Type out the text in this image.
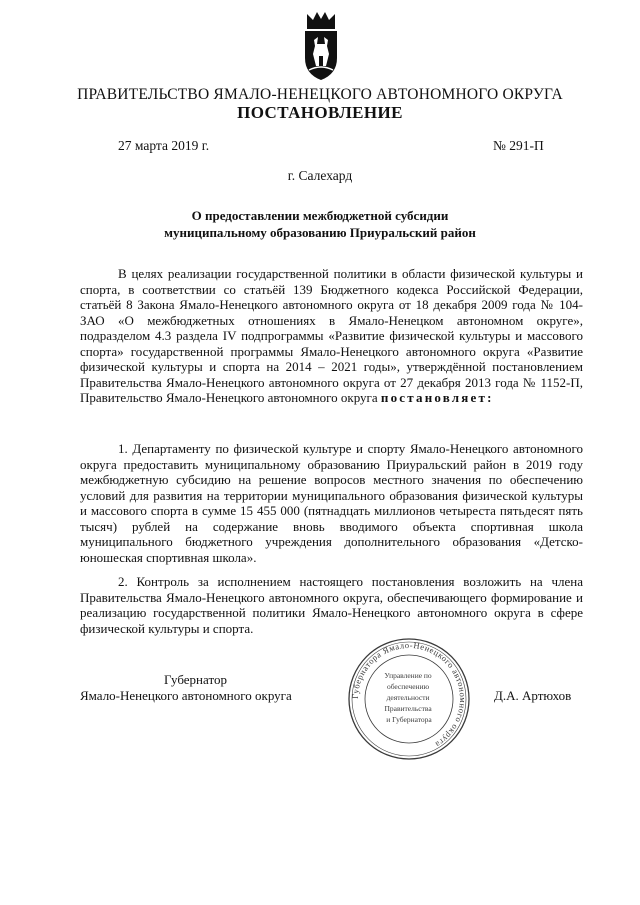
ПРАВИТЕЛЬСТВО ЯМАЛО-НЕНЕЦКОГО АВТОНОМНОГО ОКРУГА
ПОСТАНОВЛЕНИЕ
27 марта 2019 г.	№ 291-П
г. Салехард
О предоставлении межбюджетной субсидии
муниципальному образованию Приуральский район

В целях реализации государственной политики в области физической культуры и спорта, в соответствии со статьёй 139 Бюджетного кодекса Российской Федерации, статьёй 8 Закона Ямало-Ненецкого автономного округа от 18 декабря 2009 года № 104-ЗАО «О межбюджетных отношениях в Ямало-Ненецком автономном округе», подразделом 4.3 раздела IV подпрограммы «Развитие физической культуры и массового спорта» государственной программы Ямало-Ненецкого автономного округа «Развитие физической культуры и спорта на 2014 – 2021 годы», утверждённой постановлением Правительства Ямало-Ненецкого автономного округа от 27 декабря 2013 года № 1152-П, Правительство Ямало-Ненецкого автономного округа постановляет:

1. Департаменту по физической культуре и спорту Ямало-Ненецкого автономного округа предоставить муниципальному образованию Приуральский район в 2019 году межбюджетную субсидию на решение вопросов местного значения по обеспечению условий для развития на территории муниципального образования физической культуры и массового спорта в сумме 15 455 000 (пятнадцать миллионов четыреста пятьдесят пять тысяч) рублей на содержание вновь вводимого объекта спортивная школа муниципального бюджетного учреждения дополнительного образования «Детско-юношеская спортивная школа».

2. Контроль за исполнением настоящего постановления возложить на члена Правительства Ямало-Ненецкого автономного округа, обеспечивающего формирование и реализацию государственной политики Ямало-Ненецкого автономного округа в сфере физической культуры и спорта.

Губернатор
Ямало-Ненецкого автономного округа	Д.А. Артюхов
Губернатора Ямало-Ненецкого автономного округа
Управление по обеспечению деятельности Правительства и Губернатора
